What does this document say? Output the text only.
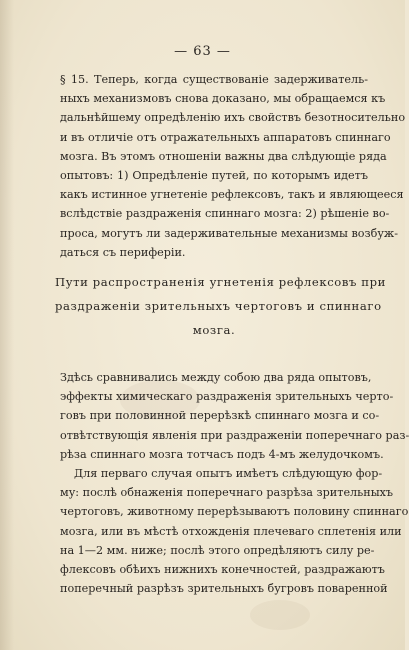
— 63 —
§ 15. Теперь, когда существованіе задерживатель-
ныхъ механизмовъ снова доказано, мы обращаемся къ
дальнѣйшему опредѣленію ихъ свойствъ безотносительно
и въ отличіе отъ отражательныхъ аппаратовъ спиннаго
мозга. Въ этомъ отношеніи важны два слѣдующіе ряда
опытовъ: 1) Опредѣленіе путей, по которымъ идетъ
какъ истинное угнетеніе рефлексовъ, такъ и являющееся
вслѣдствіе раздраженія спиннаго мозга: 2) рѣшеніе во-
проса, могутъ ли задерживательные механизмы возбуж-
даться съ периферіи.
Пути распространенія угнетенія рефлексовъ при
раздраженіи зрительныхъ чертоговъ и спиннаго
мозга.
Здѣсь сравнивались между собою два ряда опытовъ,
эффекты химическаго раздраженія зрительныхъ черто-
говъ при половинной перерѣзкѣ спиннаго мозга и со-
отвѣтствующія явленія при раздраженіи поперечнаго раз-
рѣза спиннаго мозга тотчасъ подъ 4-мъ желудочкомъ.
Для перваго случая опытъ имѣетъ слѣдующую фор-
му: послѣ обнаженія поперечнаго разрѣза зрительныхъ
чертоговъ, животному перерѣзываютъ половину спиннаго
мозга, или въ мѣстѣ отхожденія плечеваго сплетенія или
на 1—2 мм. ниже; послѣ этого опредѣляютъ силу ре-
флексовъ обѣихъ нижнихъ конечностей, раздражаютъ
поперечный разрѣзъ зрительныхъ бугровъ поваренной
